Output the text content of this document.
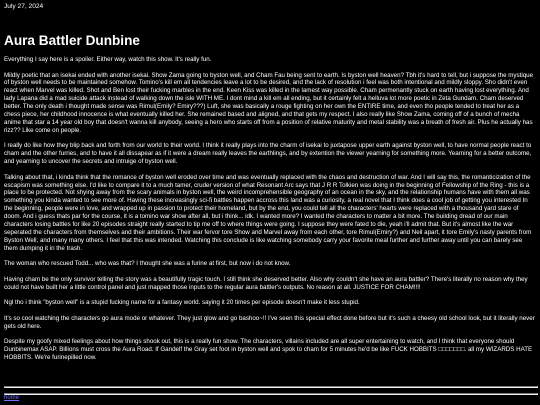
July 27, 2024

Aura Battler Dunbine

Everything I say here is a spoiler. Either way, watch this show. It's really fun.

Mildly poetic that an isekai ended with another isekai. Show Zama going to byston well, and Cham Fau being sent to earth. Is byston well heaven? Tbh it's hard to tell, but i suppose the mystique of byston well needs to be maintained somehow. Tomino's kill em all tendencies leave a lot to be desired, and the lack of resolution i feel was both intentional and mildly sloppy. Sho didn't even react when Marvel was killed. Shot and Ben lost their fucking marbles in the end. Keen Kiss was killed in the lamest way possible. Cham permenantly stuck on earth having lost everything. And lady Lapana did a mad suicide attack instead of walking down the isle WITH ME. I dont mind a kill em all ending, but it certainly felt a helluva lot more poetic in Zeta Gundam. Cham deserved better. The only death i thought made sense was Rimul(Emily? Emiry???) Luft, she was basically a rouge fighting on her own the ENTIRE time, and even tho people tended to treat her as a chess piece, her childhood innocence is what eventually killed her. She remained based and aligned, and that gets my respect. I also really like Show Zama, coming off of a bunch of mecha anime that star a 14 year old boy that doesn't wanna kill anybody, seeing a hero who starts off from a position of relative maturity and metal stability was a breath of fresh air. Plus he actually has rizz?? Like come on people.

I really do like how they blip back and forth from our world to their world. I think it really plays into the charm of isekai to juxtapose upper earth against byston well, to have normal people react to cham and the other furries, and to have it all dissapear as if it were a dream really leaves the earthlings, and by extention the viewer yearning for something more. Yearning for a better outcome, and yearning to uncover the secrets and intruige of byston well.

Talking about that, i kinda think that the romance of byston well eroded over time and was eventually replaced with the chaos and destruction of war. And I will say this, the romanticization of the escapism was something else. I'd like to compare it to a much tamer, cruder version of what Resonant Arc says that J R R Tolkien was doing in the beginning of Fellowship of the Ring - this is a place to be protected. Not shying away from the scary animals in byston well, the weird incomprehensible geography of an ocean in the sky, and the relationship humans have with them all was something you kinda wanted to see more of. Having these increasingly sci-fi battles happen accross this land was a curiosity, a real novel that I think does a cool job of getting you interested In the beginning, people were in love, and wrapped up in passion to protect their homeland, but by the end, you could tell all the characters' hearts were replaced with a thousand yard stare of doom. And i guess thats par for the course, it is a tomino war show after all, but i think... idk. I wanted more? I wanted the characters to matter a bit more. The building dread of our main characters losing battles for like 20 episodes straight really started to tip me off to where things were going. I suppose they were fated to die, yeah i'll admit that. But it's almost like the war seperated the characters from themselves and their ambitions. Their war fervor tore Show and Marvel away from each other, tore Rimul(Emiry?) and Neil apart, it tore Emily's nasty parents from Byston Well, and many many others. I feel that this was intended. Watching this conclude is like watching somebody carry your favorite meal further and further away until you can barely see them dumping it in the trash.

The woman who rescued Todd... who was that? I thought she was a furine at first, but now i do not know.

Having cham be the only survivor telling the story was a beautifully tragic touch. I still think she deserved better. Also why couldn't she have an aura battler? There's literally no reason why they could not have built her a little control panel and just mapped those inputs to the regular aura battler's outputs. No reason at all. JUSTICE FOR CHAM!!!!

Ngl tho i think "byston well" is a stupid fucking name for a fantasy world. saying it 20 times per episode doesn't make it less stupid.

It's so cool watching the characters go aura mode or whatever. They just glow and go bashoo~!! I've seen this special effect done before but it's such a cheesy old school look, but it literally never gets old here.

Despite my goofy mixed feelings about how things shook out, this is a really fun show. The characters, villains included are all super entertaining to watch, and I think that everyone should Dunbinemax ASAP. Billions must cross the Aura Road. If Gandelf the Gray set foot in byston well and spok to cham for 5 minutes he'd be like FUCK HOBBITS □□□□□□□. all my WIZARDS HATE HOBBITS. We're furinepilled now.

home
